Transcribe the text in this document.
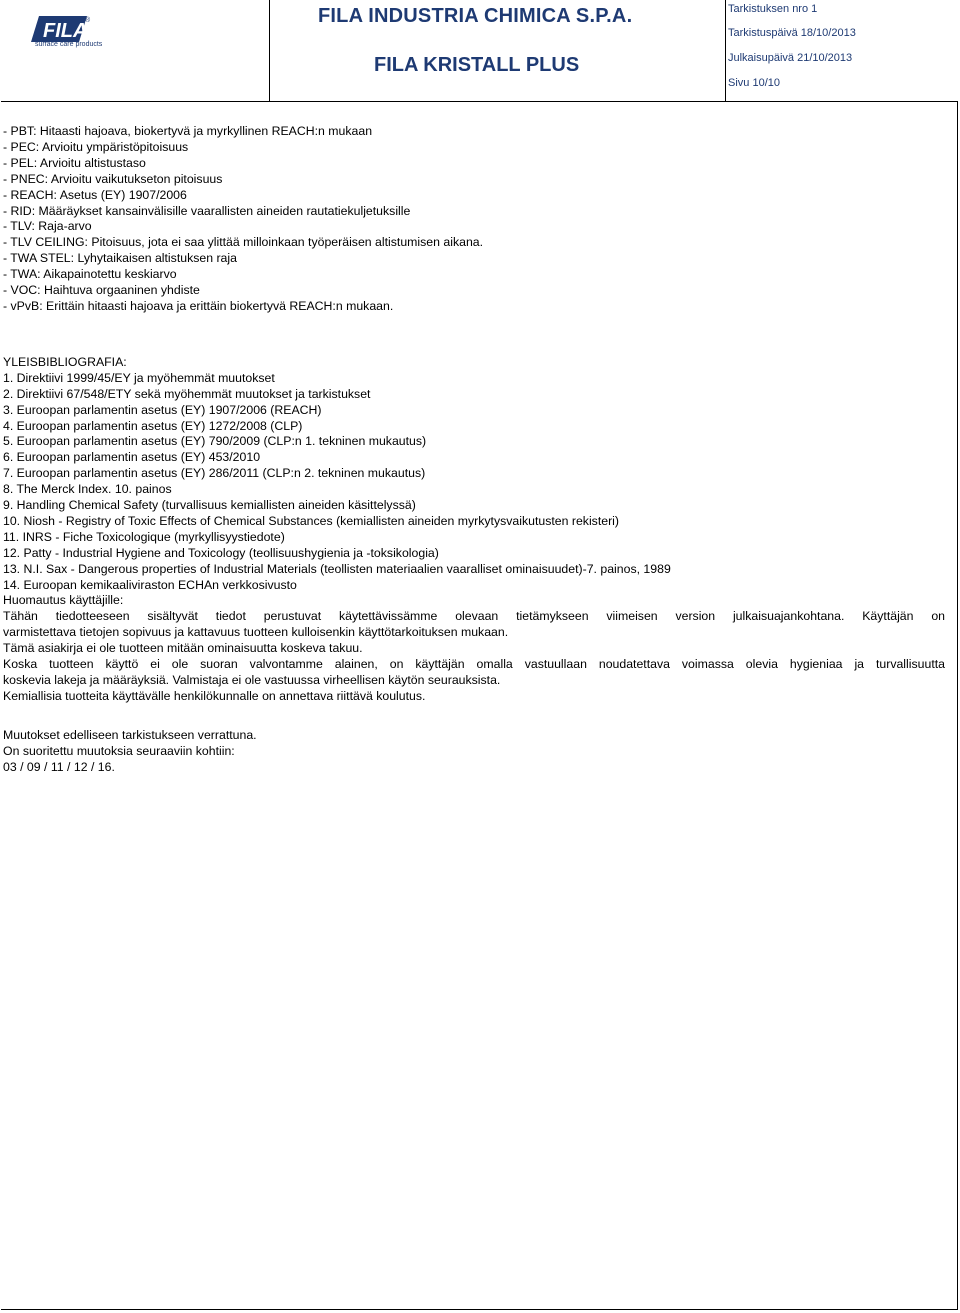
FILA
®
surface care products
FILA INDUSTRIA CHIMICA S.P.A.
FILA KRISTALL PLUS
Tarkistuksen nro 1
Tarkistuspäivä 18/10/2013
Julkaisupäivä 21/10/2013
Sivu 10/10
- PBT: Hitaasti hajoava, biokertyvä ja myrkyllinen REACH:n mukaan
- PEC: Arvioitu ympäristöpitoisuus
- PEL: Arvioitu altistustaso
- PNEC: Arvioitu vaikutukseton pitoisuus
- REACH: Asetus (EY) 1907/2006
- RID: Määräykset kansainvälisille vaarallisten aineiden rautatiekuljetuksille
- TLV: Raja-arvo
- TLV CEILING: Pitoisuus, jota ei saa ylittää milloinkaan työperäisen altistumisen aikana.
- TWA STEL: Lyhytaikaisen altistuksen raja
- TWA: Aikapainotettu keskiarvo
- VOC: Haihtuva orgaaninen yhdiste
- vPvB: Erittäin hitaasti hajoava ja erittäin biokertyvä REACH:n mukaan.
YLEISBIBLIOGRAFIA:
1. Direktiivi 1999/45/EY ja myöhemmät muutokset
2. Direktiivi 67/548/ETY sekä myöhemmät muutokset ja tarkistukset
3. Euroopan parlamentin asetus (EY) 1907/2006 (REACH)
4. Euroopan parlamentin asetus (EY) 1272/2008 (CLP)
5. Euroopan parlamentin asetus (EY) 790/2009 (CLP:n 1. tekninen mukautus)
6. Euroopan parlamentin asetus (EY) 453/2010
7. Euroopan parlamentin asetus (EY) 286/2011 (CLP:n 2. tekninen mukautus)
8. The Merck Index. 10. painos
9. Handling Chemical Safety (turvallisuus kemiallisten aineiden käsittelyssä)
10. Niosh - Registry of Toxic Effects of Chemical Substances (kemiallisten aineiden myrkytysvaikutusten rekisteri)
11. INRS - Fiche Toxicologique (myrkyllisyystiedote)
12. Patty - Industrial Hygiene and Toxicology (teollisuushygienia ja -toksikologia)
13. N.I. Sax - Dangerous properties of Industrial Materials (teollisten materiaalien vaaralliset ominaisuudet)-7. painos, 1989
14. Euroopan kemikaaliviraston ECHAn verkkosivusto
Huomautus käyttäjille:
Tähän tiedotteeseen sisältyvät tiedot perustuvat käytettävissämme olevaan tietämykseen viimeisen version julkaisuajankohtana. Käyttäjän on
varmistettava tietojen sopivuus ja kattavuus tuotteen kulloisenkin käyttötarkoituksen mukaan.
Tämä asiakirja ei ole tuotteen mitään ominaisuutta koskeva takuu.
Koska tuotteen käyttö ei ole suoran valvontamme alainen, on käyttäjän omalla vastuullaan noudatettava voimassa olevia hygieniaa ja turvallisuutta
koskevia lakeja ja määräyksiä. Valmistaja ei ole vastuussa virheellisen käytön seurauksista.
Kemiallisia tuotteita käyttävälle henkilökunnalle on annettava riittävä koulutus.
Muutokset edelliseen tarkistukseen verrattuna.
On suoritettu muutoksia seuraaviin kohtiin:
03 / 09 / 11 / 12 / 16.
